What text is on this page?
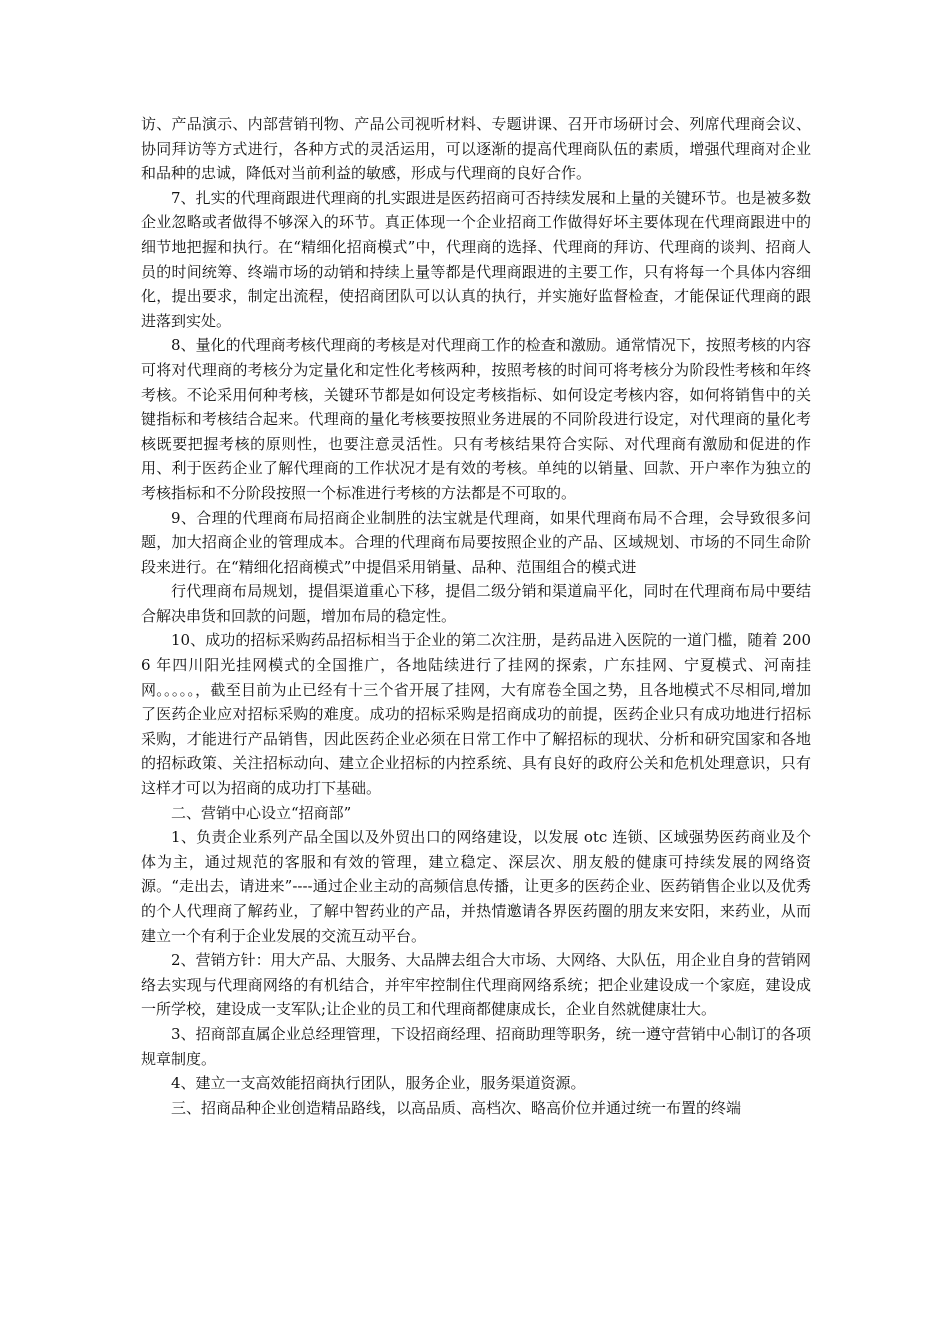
访、产品演示、内部营销刊物、产品公司视听材料、专题讲课、召开市场研讨会、列席代理商会议、协同拜访等方式进行，各种方式的灵活运用，可以逐渐的提高代理商队伍的素质，增强代理商对企业和品种的忠诚，降低对当前利益的敏感，形成与代理商的良好合作。

7、扎实的代理商跟进代理商的扎实跟进是医药招商可否持续发展和上量的关键环节。也是被多数企业忽略或者做得不够深入的环节。真正体现一个企业招商工作做得好坏主要体现在代理商跟进中的细节地把握和执行。在“精细化招商模式”中，代理商的选择、代理商的拜访、代理商的谈判、招商人员的时间统筹、终端市场的动销和持续上量等都是代理商跟进的主要工作，只有将每一个具体内容细化，提出要求，制定出流程，使招商团队可以认真的执行，并实施好监督检查，才能保证代理商的跟进落到实处。

8、量化的代理商考核代理商的考核是对代理商工作的检查和激励。通常情况下，按照考核的内容可将对代理商的考核分为定量化和定性化考核两种，按照考核的时间可将考核分为阶段性考核和年终考核。不论采用何种考核，关键环节都是如何设定考核指标、如何设定考核内容，如何将销售中的关键指标和考核结合起来。代理商的量化考核要按照业务进展的不同阶段进行设定，对代理商的量化考核既要把握考核的原则性，也要注意灵活性。只有考核结果符合实际、对代理商有激励和促进的作用、利于医药企业了解代理商的工作状况才是有效的考核。单纯的以销量、回款、开户率作为独立的考核指标和不分阶段按照一个标准进行考核的方法都是不可取的。

9、合理的代理商布局招商企业制胜的法宝就是代理商，如果代理商布局不合理，会导致很多问题，加大招商企业的管理成本。合理的代理商布局要按照企业的产品、区域规划、市场的不同生命阶段来进行。在“精细化招商模式”中提倡采用销量、品种、范围组合的模式进

行代理商布局规划，提倡渠道重心下移，提倡二级分销和渠道扁平化，同时在代理商布局中要结合解决串货和回款的问题，增加布局的稳定性。

10、成功的招标采购药品招标相当于企业的第二次注册，是药品进入医院的一道门槛，随着 2006 年四川阳光挂网模式的全国推广，各地陆续进行了挂网的探索，广东挂网、宁夏模式、河南挂网。。。。。，截至目前为止已经有十三个省开展了挂网，大有席卷全国之势，且各地模式不尽相同,增加了医药企业应对招标采购的难度。成功的招标采购是招商成功的前提，医药企业只有成功地进行招标采购，才能进行产品销售，因此医药企业必须在日常工作中了解招标的现状、分析和研究国家和各地的招标政策、关注招标动向、建立企业招标的内控系统、具有良好的政府公关和危机处理意识，只有这样才可以为招商的成功打下基础。

二、营销中心设立“招商部”

1、负责企业系列产品全国以及外贸出口的网络建设，以发展 otc 连锁、区域强势医药商业及个体为主，通过规范的客服和有效的管理，建立稳定、深层次、朋友般的健康可持续发展的网络资源。“走出去，请进来”----通过企业主动的高频信息传播，让更多的医药企业、医药销售企业以及优秀的个人代理商了解药业，了解中智药业的产品，并热情邀请各界医药圈的朋友来安阳，来药业，从而建立一个有利于企业发展的交流互动平台。

2、营销方针：用大产品、大服务、大品牌去组合大市场、大网络、大队伍，用企业自身的营销网络去实现与代理商网络的有机结合，并牢牢控制住代理商网络系统；把企业建设成一个家庭，建设成一所学校，建设成一支军队;让企业的员工和代理商都健康成长，企业自然就健康壮大。

3、招商部直属企业总经理管理，下设招商经理、招商助理等职务，统一遵守营销中心制订的各项规章制度。

4、建立一支高效能招商执行团队，服务企业，服务渠道资源。

三、招商品种企业创造精品路线，以高品质、高档次、略高价位并通过统一布置的终端
